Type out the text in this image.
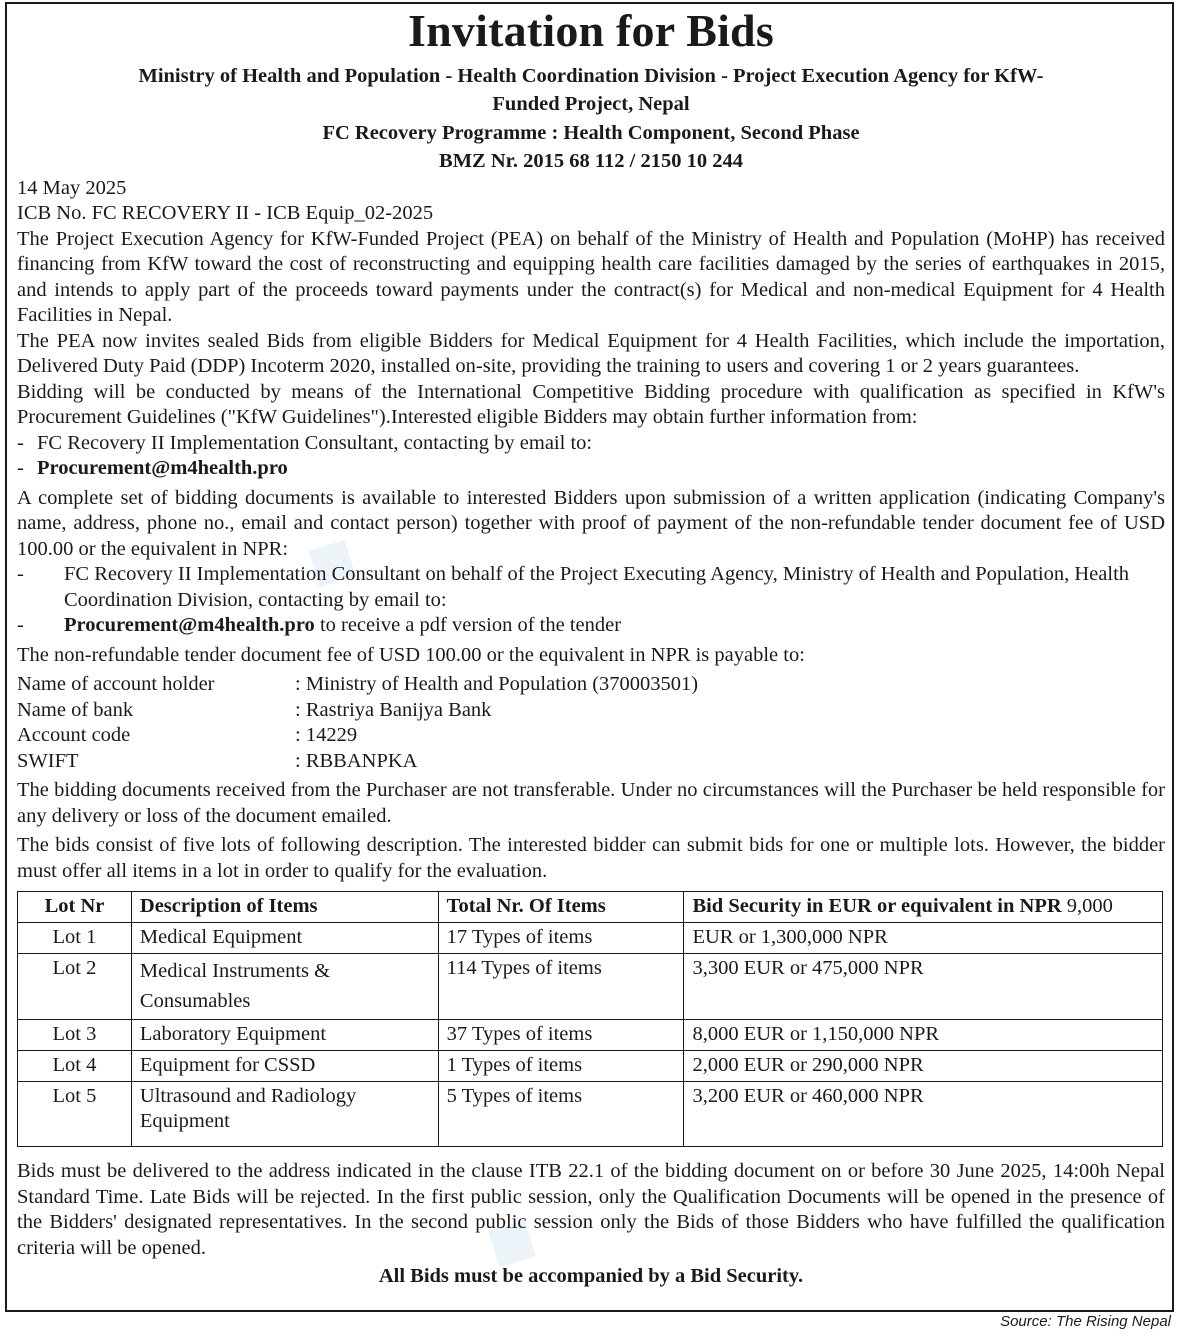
◆
◆
Invitation for Bids
Ministry of Health and Population - Health Coordination Division - Project Execution Agency for KfW-
Funded Project, Nepal
FC Recovery Programme : Health Component, Second Phase
BMZ Nr. 2015 68 112 / 2150 10 244
14 May 2025
ICB No. FC RECOVERY II - ICB Equip_02-2025

The Project Execution Agency for KfW-Funded Project (PEA) on behalf of the Ministry of Health and Population (MoHP) has received financing from KfW toward the cost of reconstructing and equipping health care facilities damaged by the series of earthquakes in 2015, and intends to apply part of the proceeds toward payments under the contract(s) for Medical and non-medical Equipment for 4 Health Facilities in Nepal.

The PEA now invites sealed Bids from eligible Bidders for Medical Equipment for 4 Health Facilities, which include the importation, Delivered Duty Paid (DDP) Incoterm 2020, installed on-site, providing the training to users and covering 1 or 2 years guarantees.

Bidding will be conducted by means of the International Competitive Bidding procedure with qualification as specified in KfW's Procurement Guidelines ("KfW Guidelines").Interested eligible Bidders may obtain further information from:

- FC Recovery II Implementation Consultant, contacting by email to:
- Procurement@m4health.pro

A complete set of bidding documents is available to interested Bidders upon submission of a written application (indicating Company's name, address, phone no., email and contact person) together with proof of payment of the non-refundable tender document fee of USD 100.00 or the equivalent in NPR:

-	FC Recovery II Implementation Consultant on behalf of the Project Executing Agency, Ministry of Health and Population, Health Coordination Division, contacting by email to:
-	Procurement@m4health.pro to receive a pdf version of the tender

The non-refundable tender document fee of USD 100.00 or the equivalent in NPR is payable to:

Name of account holder	: Ministry of Health and Population (370003501)
Name of bank	: Rastriya Banijya Bank
Account code	: 14229
SWIFT	: RBBANPKA

The bidding documents received from the Purchaser are not transferable. Under no circumstances will the Purchaser be held responsible for any delivery or loss of the document emailed.

The bids consist of five lots of following description. The interested bidder can submit bids for one or multiple lots. However, the bidder must offer all items in a lot in order to qualify for the evaluation.

Lot Nr	Description of Items	Total Nr. Of Items	Bid Security in EUR or equivalent in NPR 9,000
Lot 1	Medical Equipment	17 Types of items	EUR or 1,300,000 NPR
Lot 2	Medical Instruments & Consumables	114 Types of items	3,300 EUR or 475,000 NPR
Lot 3	Laboratory Equipment	37 Types of items	8,000 EUR or 1,150,000 NPR
Lot 4	Equipment for CSSD	1 Types of items	2,000 EUR or 290,000 NPR
Lot 5	Ultrasound and Radiology Equipment	5 Types of items	3,200 EUR or 460,000 NPR

Bids must be delivered to the address indicated in the clause ITB 22.1 of the bidding document on or before 30 June 2025, 14:00h Nepal Standard Time. Late Bids will be rejected. In the first public session, only the Qualification Documents will be opened in the presence of the Bidders' designated representatives. In the second public session only the Bids of those Bidders who have fulfilled the qualification criteria will be opened.

All Bids must be accompanied by a Bid Security.
Source: The Rising Nepal
